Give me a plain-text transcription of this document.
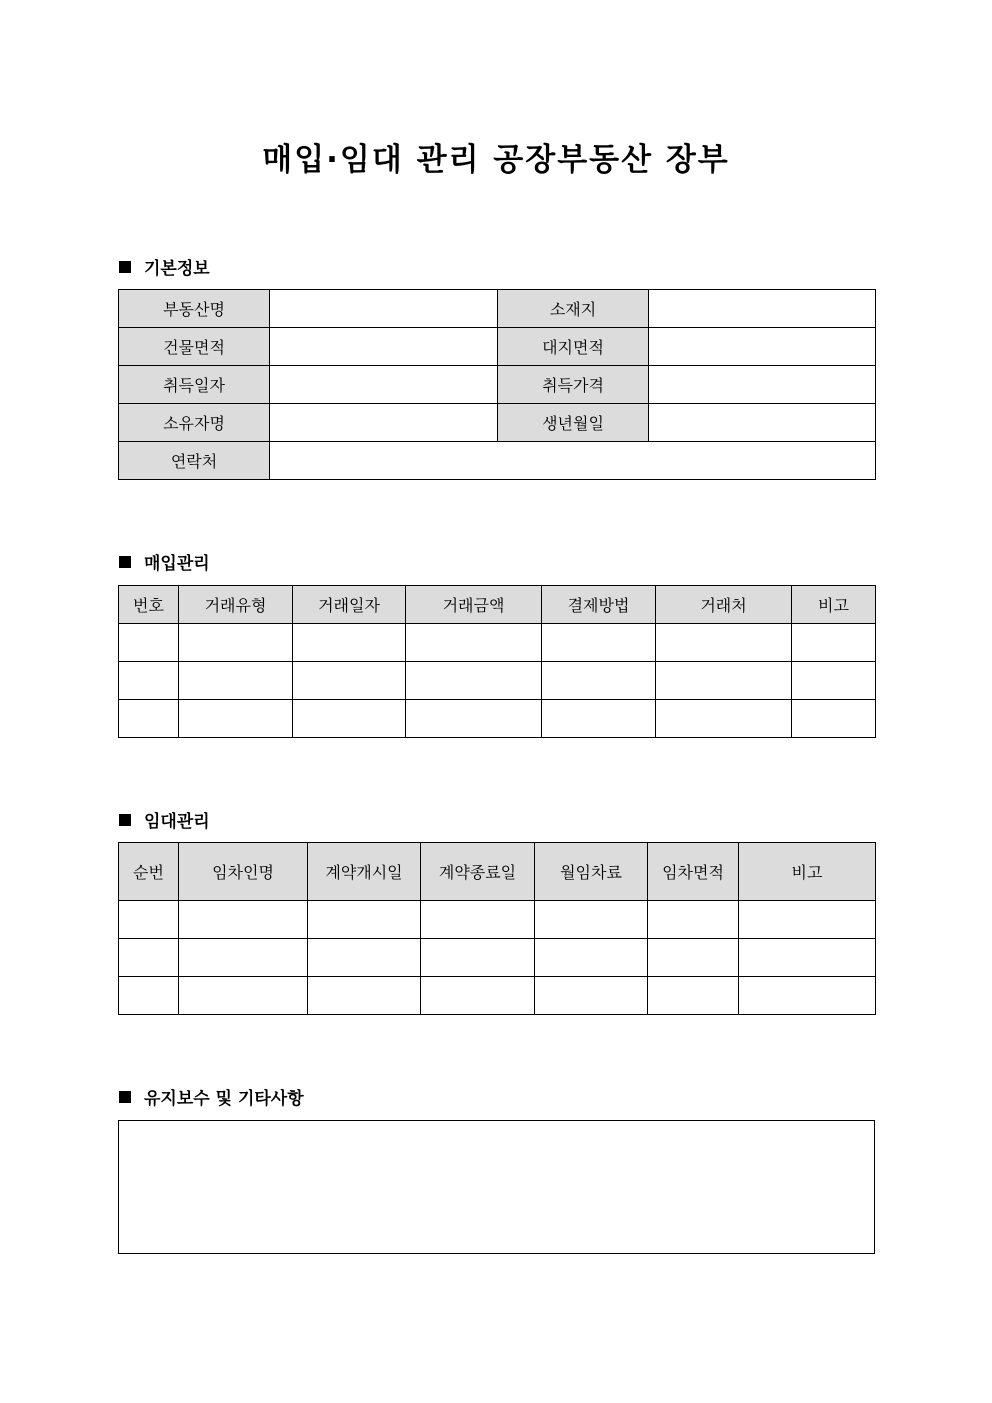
매입·임대 관리 공장부동산 장부
기본정보
부동산명		소재지	
건물면적		대지면적	
취득일자		취득가격	
소유자명		생년월일	
연락처			
매입관리
번호	거래유형	거래일자	거래금액	결제방법	거래처	비고

임대관리
순번	임차인명	계약개시일	계약종료일	월임차료	임차면적	비고

유지보수 및 기타사항
